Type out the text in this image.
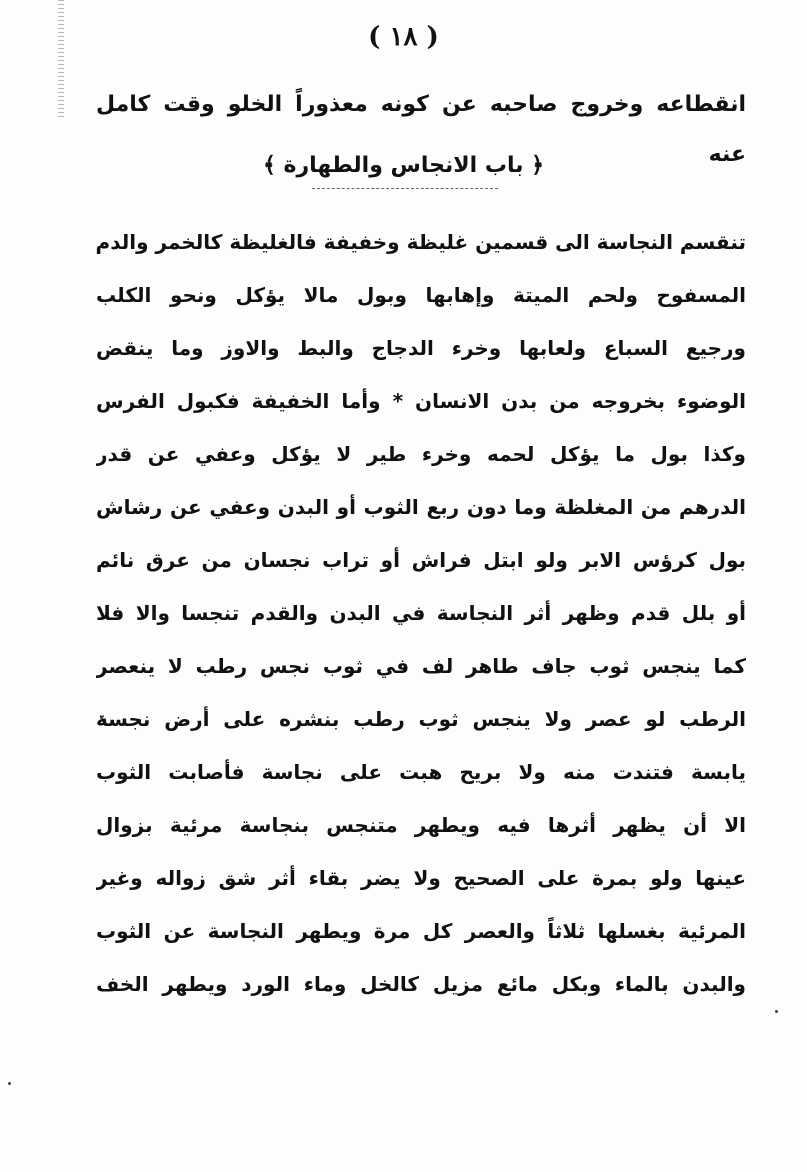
( ١٨ )
انقطاعه وخروج صاحبه عن كونه معذوراً الخلو وقت كامل عنه
﴿ باب الانجاس والطهارة ﴾
تنقسم النجاسة الى قسمين غليظة وخفيفة فالغليظة كالخمر والدم
المسفوح ولحم الميتة وإهابها وبول مالا يؤكل ونحو الكلب
ورجيع السباع ولعابها وخرء الدجاج والبط والاوز وما ينقض
الوضوء بخروجه من بدن الانسان * وأما الخفيفة فكبول الفرس
وكذا بول ما يؤكل لحمه وخرء طير لا يؤكل وعفي عن قدر
الدرهم من المغلظة وما دون ربع الثوب أو البدن وعفي عن رشاش
بول كرؤس الابر ولو ابتل فراش أو تراب نجسان من عرق نائم
أو بلل قدم وظهر أثر النجاسة في البدن والقدم تنجسا والا فلا
كما ينجس ثوب جاف طاهر لف في ثوب نجس رطب لا ينعصر
الرطب لو عصر ولا ينجس ثوب رطب بنشره على أرض نجسة
يابسة فتندت منه ولا بريح هبت على نجاسة فأصابت الثوب
الا أن يظهر أثرها فيه ويطهر متنجس بنجاسة مرئية بزوال
عينها ولو بمرة على الصحيح ولا يضر بقاء أثر شق زواله وغير
المرئية بغسلها ثلاثاً والعصر كل مرة ويطهر النجاسة عن الثوب
والبدن بالماء وبكل مائع مزيل كالخل وماء الورد ويطهر الخف
